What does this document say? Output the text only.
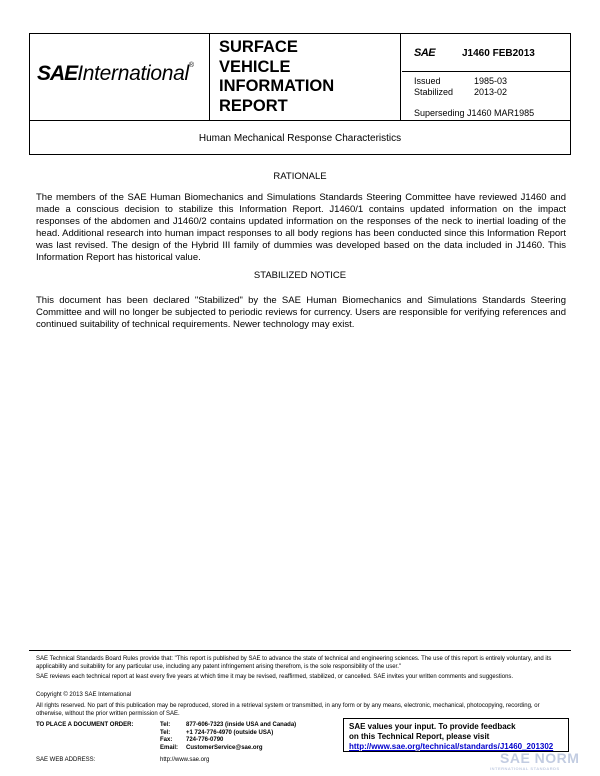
SAEInternational®
SURFACE
VEHICLE
INFORMATION
REPORT
SAE	J1460 FEB2013
Issued	1985-03
Stabilized 2013-02
Superseding J1460 MAR1985
Human Mechanical Response Characteristics
RATIONALE
The members of the SAE Human Biomechanics and Simulations Standards Steering Committee have reviewed J1460 and made a conscious decision to stabilize this Information Report. J1460/1 contains updated information on the impact responses of the abdomen and J1460/2 contains updated information on the responses of the neck to inertial loading of the head. Additional research into human impact responses to all body regions has been conducted since this Information Report was last revised. The design of the Hybrid III family of dummies was developed based on the data included in J1460. This Information Report has historical value.
STABILIZED NOTICE
This document has been declared "Stabilized" by the SAE Human Biomechanics and Simulations Standards Steering Committee and will no longer be subjected to periodic reviews for currency. Users are responsible for verifying references and continued suitability of technical requirements. Newer technology may exist.
SAE Technical Standards Board Rules provide that: "This report is published by SAE to advance the state of technical and engineering sciences. The use of this report is entirely voluntary, and its applicability and suitability for any particular use, including any patent infringement arising therefrom, is the sole responsibility of the user."
SAE reviews each technical report at least every five years at which time it may be revised, reaffirmed, stabilized, or cancelled. SAE invites your written comments and suggestions.
Copyright © 2013 SAE International
All rights reserved. No part of this publication may be reproduced, stored in a retrieval system or transmitted, in any form or by any means, electronic, mechanical, photocopying, recording, or otherwise, without the prior written permission of SAE.
TO PLACE A DOCUMENT ORDER:	Tel:	877-606-7323 (inside USA and Canada)
Tel:	+1 724-776-4970 (outside USA)
Fax: 724-776-0790
Email: CustomerService@sae.org
SAE WEB ADDRESS:	http://www.sae.org
SAE values your input. To provide feedback
on this Technical Report, please visit
http://www.sae.org/technical/standards/J1460_201302
SAE NORM
INTERNATIONAL STANDARDS
